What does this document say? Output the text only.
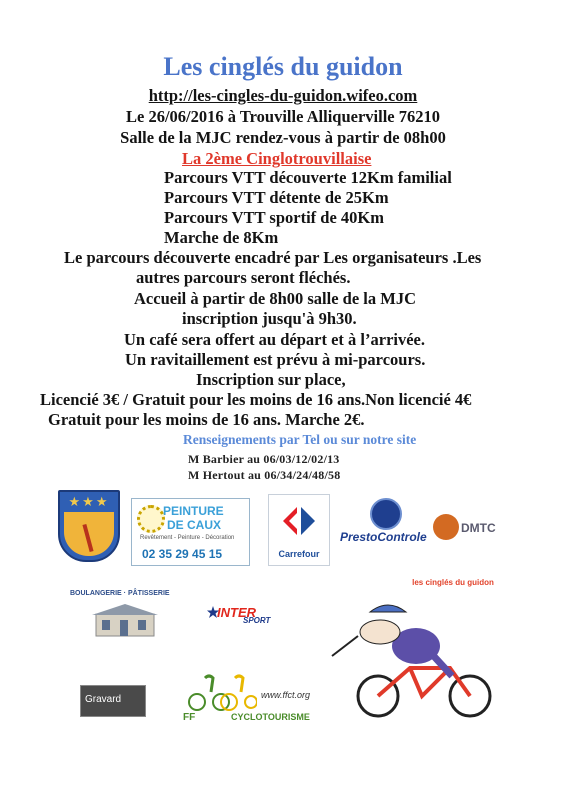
Les cinglés du guidon
http://les-cingles-du-guidon.wifeo.com
Le 26/06/2016 à Trouville Alliquerville 76210
Salle de la MJC rendez-vous à partir de 08h00
La 2ème Cinglotrouvillaise
Parcours VTT découverte 12Km familial
Parcours VTT détente de 25Km
Parcours VTT sportif de 40Km
Marche de 8Km
Le parcours découverte encadré par Les organisateurs .Les
autres parcours seront fléchés.
Accueil à partir de 8h00 salle de la MJC
inscription jusqu'à 9h30.
Un café sera offert au départ et à l’arrivée.
Un ravitaillement est prévu à mi-parcours.
Inscription sur place,
Licencié 3€ / Gratuit pour les moins de 16 ans.Non licencié 4€
Gratuit pour les moins de 16 ans. Marche 2€.
Renseignements par Tel ou sur notre site
M Barbier au 06/03/12/02/13
M Hertout au 06/34/24/48/58
★★★
PEINTURE
DE CAUX
Revêtement - Peinture - Décoration
02 35 29 45 15	Carrefour
PrestoControle
DMTC
BOULANGERIE · PÂTISSERIE
INTER
SPORT
les cinglés du guidon
Gravard	www.ffct.org
FF	CYCLOTOURISME
